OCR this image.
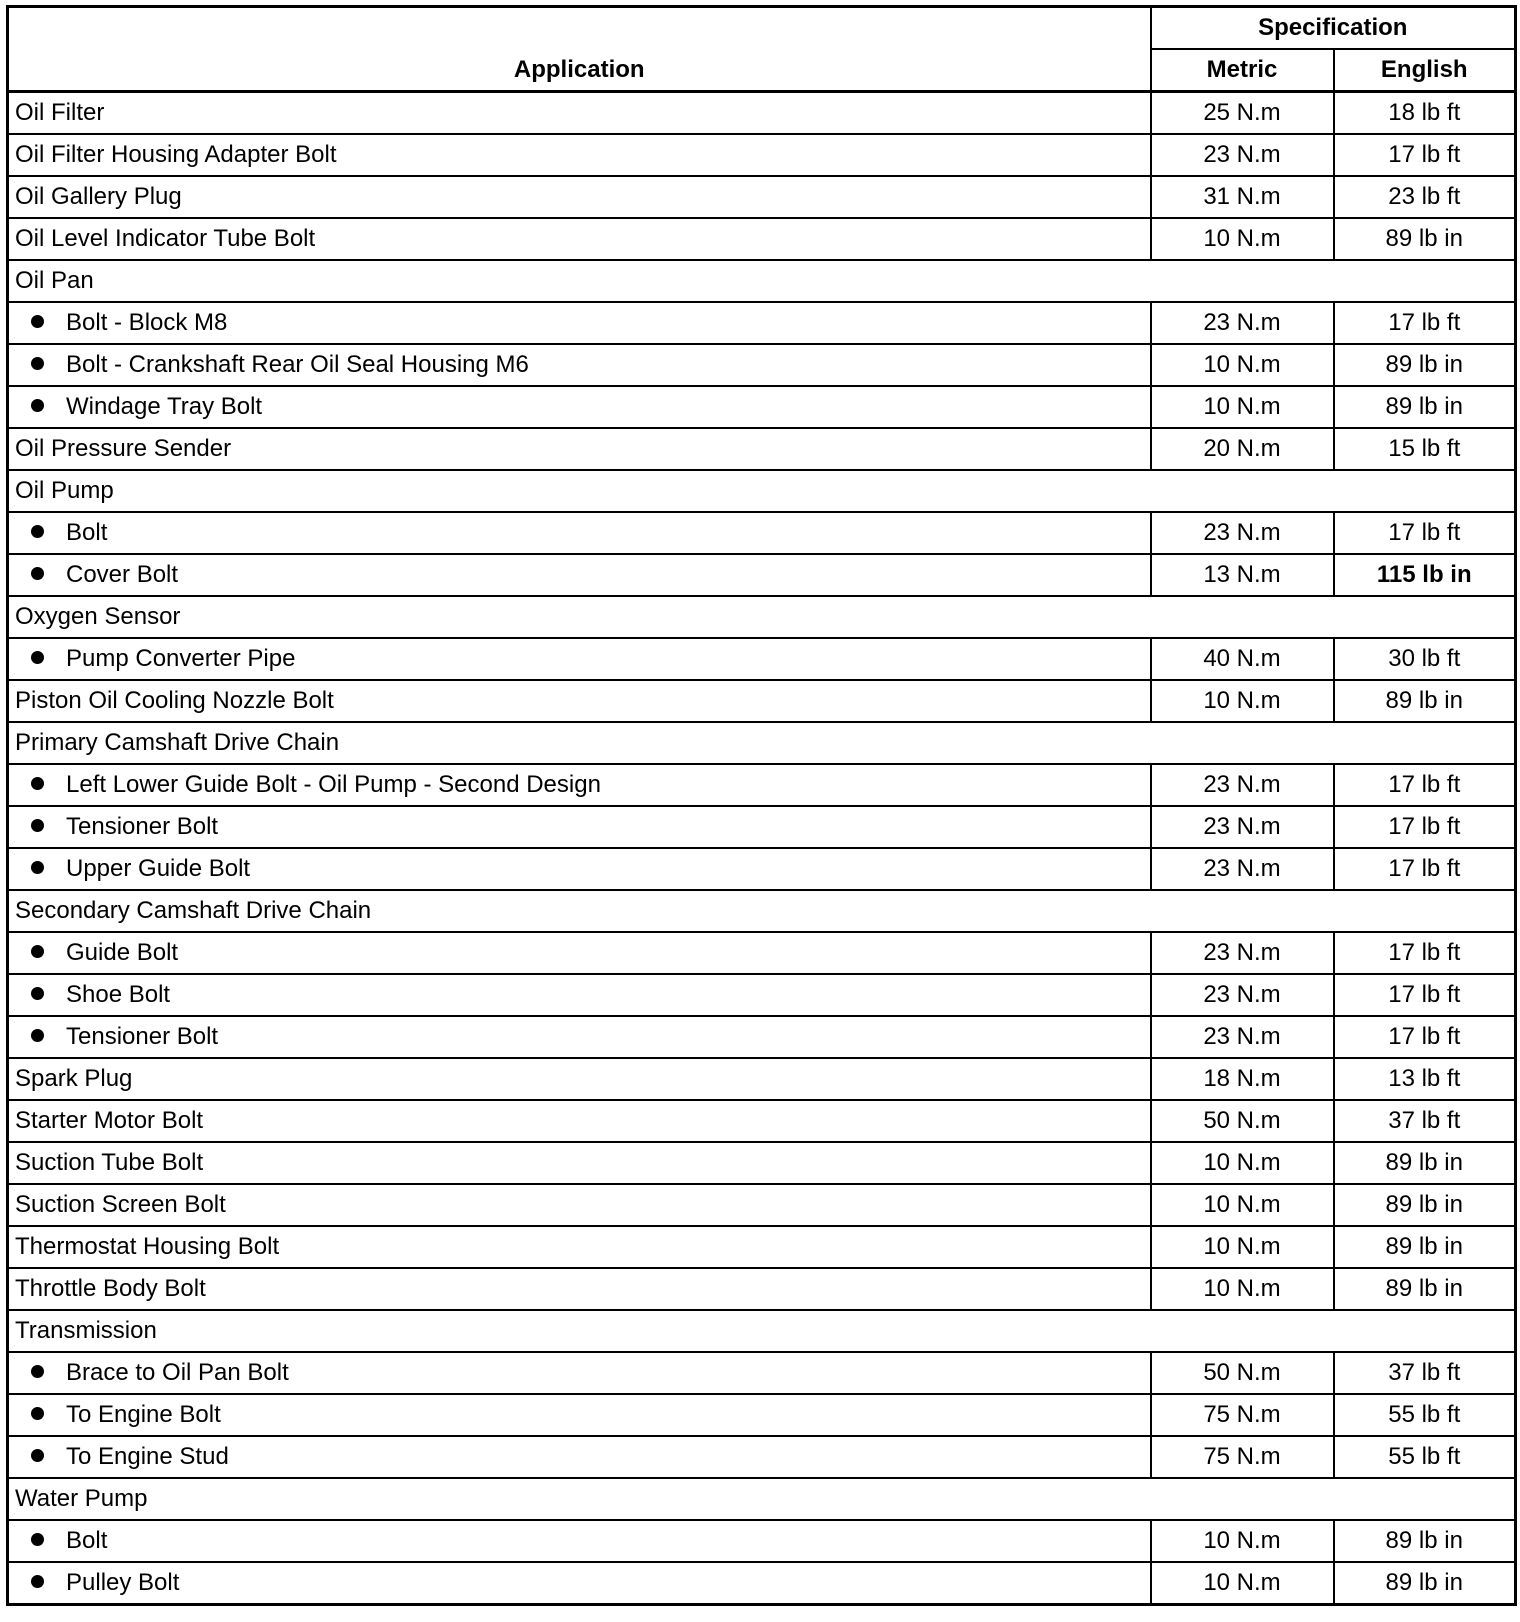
Application	Specification	
	Metric	English
Oil Filter	25 N.m	18 lb ft
Oil Filter Housing Adapter Bolt	23 N.m	17 lb ft
Oil Gallery Plug	31 N.m	23 lb ft
Oil Level Indicator Tube Bolt	10 N.m	89 lb in
Oil Pan		
Bolt - Block M8	23 N.m	17 lb ft
Bolt - Crankshaft Rear Oil Seal Housing M6	10 N.m	89 lb in
Windage Tray Bolt	10 N.m	89 lb in
Oil Pressure Sender	20 N.m	15 lb ft
Oil Pump		
Bolt	23 N.m	17 lb ft
Cover Bolt	13 N.m	115 lb in
Oxygen Sensor		
Pump Converter Pipe	40 N.m	30 lb ft
Piston Oil Cooling Nozzle Bolt	10 N.m	89 lb in
Primary Camshaft Drive Chain		
Left Lower Guide Bolt - Oil Pump - Second Design	23 N.m	17 lb ft
Tensioner Bolt	23 N.m	17 lb ft
Upper Guide Bolt	23 N.m	17 lb ft
Secondary Camshaft Drive Chain		
Guide Bolt	23 N.m	17 lb ft
Shoe Bolt	23 N.m	17 lb ft
Tensioner Bolt	23 N.m	17 lb ft
Spark Plug	18 N.m	13 lb ft
Starter Motor Bolt	50 N.m	37 lb ft
Suction Tube Bolt	10 N.m	89 lb in
Suction Screen Bolt	10 N.m	89 lb in
Thermostat Housing Bolt	10 N.m	89 lb in
Throttle Body Bolt	10 N.m	89 lb in
Transmission		
Brace to Oil Pan Bolt	50 N.m	37 lb ft
To Engine Bolt	75 N.m	55 lb ft
To Engine Stud	75 N.m	55 lb ft
Water Pump		
Bolt	10 N.m	89 lb in
Pulley Bolt	10 N.m	89 lb in
